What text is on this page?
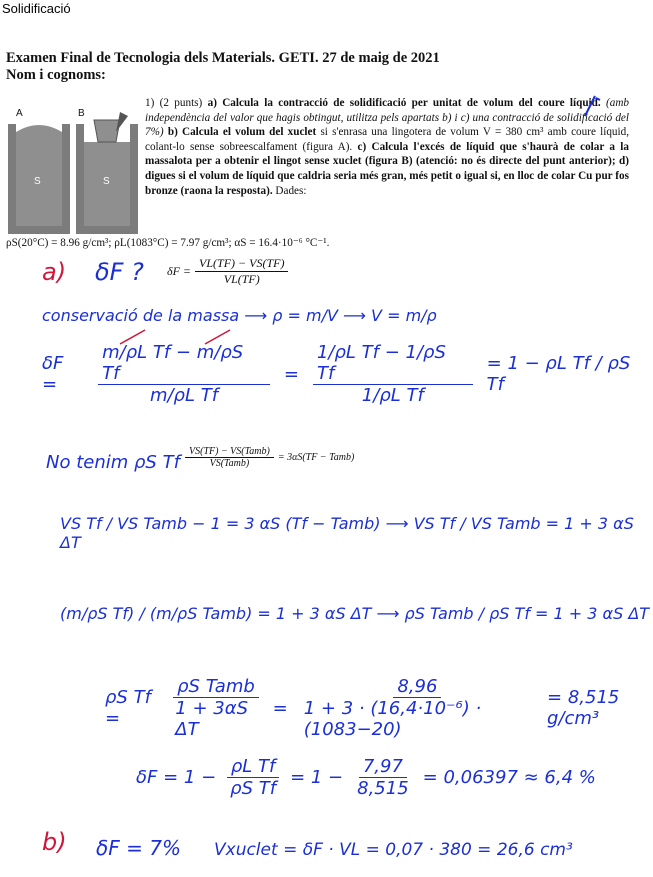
Solidificació
Examen Final de Tecnologia dels Materials. GETI. 27 de maig de 2021
Nom i cognoms:
A	B
S	S
1) (2 punts) a) Calcula la contracció de solidificació per unitat de volum del coure líquid. (amb independència del valor que hagis obtingut, utilitza pels apartats b) i c) una contracció de solidificació del 7%) b) Calcula el volum del xuclet si s'enrasa una lingotera de volum V = 380 cm³ amb coure líquid, colant-lo sense sobreescalfament (figura A). c) Calcula l'excés de líquid que s'haurà de colar a la massalota per a obtenir el lingot sense xuclet (figura B) (atenció: no és directe del punt anterior); d) digues si el volum de líquid que caldria seria més gran, més petit o igual si, en lloc de colar Cu pur fos bronze (raona la resposta). Dades:
ρS(20°C) = 8.96 g/cm³; ρL(1083°C) = 7.97 g/cm³; αS = 16.4·10⁻⁶ °C⁻¹.
a) δF ? $\delta F = \frac{VL(TF) - VS(TF)}{VL(TF)}$
conservació de la massa ⟶ ρ = m/V ⟶ V = m/ρ
δF =	$\frac{\text{m/ρL Tf − m/ρS Tf}}{\text{m/ρL Tf}} = \frac{\text{1/ρL Tf − 1/ρS Tf}}{\text{1/ρL Tf}} = 1 - \rho L$ Tf / ρS Tf
No tenim ρS Tf $\frac{\text{VS(TF) − VS(Tamb)}}{\text{VS(Tamb)}} = 3\alpha S(TF$ − Tamb)
VS Tf / VS Tamb − 1 = 3 αS (Tf − Tamb) ⟶ VS Tf / VS Tamb = 1 + 3 αS ΔT
(m/ρS Tf) / (m/ρS Tamb) = 1 + 3 αS ΔT ⟶ ρS Tamb / ρS Tf = 1 + 3 αS ΔT
ρS Tf =	$\frac{\text{ρS Tamb}}{\text{1 + 3αS ΔT}} = \frac{8,96}{\text{1 + 3 · (16,4·10⁻⁶) · (1083−20)}} = 8,515$ g/cm³
$\delta F = 1 - \frac{\text{ρL Tf}}{\text{ρS Tf}} = 1 - \frac{7,97}{8,515} = 0,06397 \approx 6,4$ %
b) δF = 7% Vxuclet = δF · VL = 0,07 · 380 = 26,6 cm³
